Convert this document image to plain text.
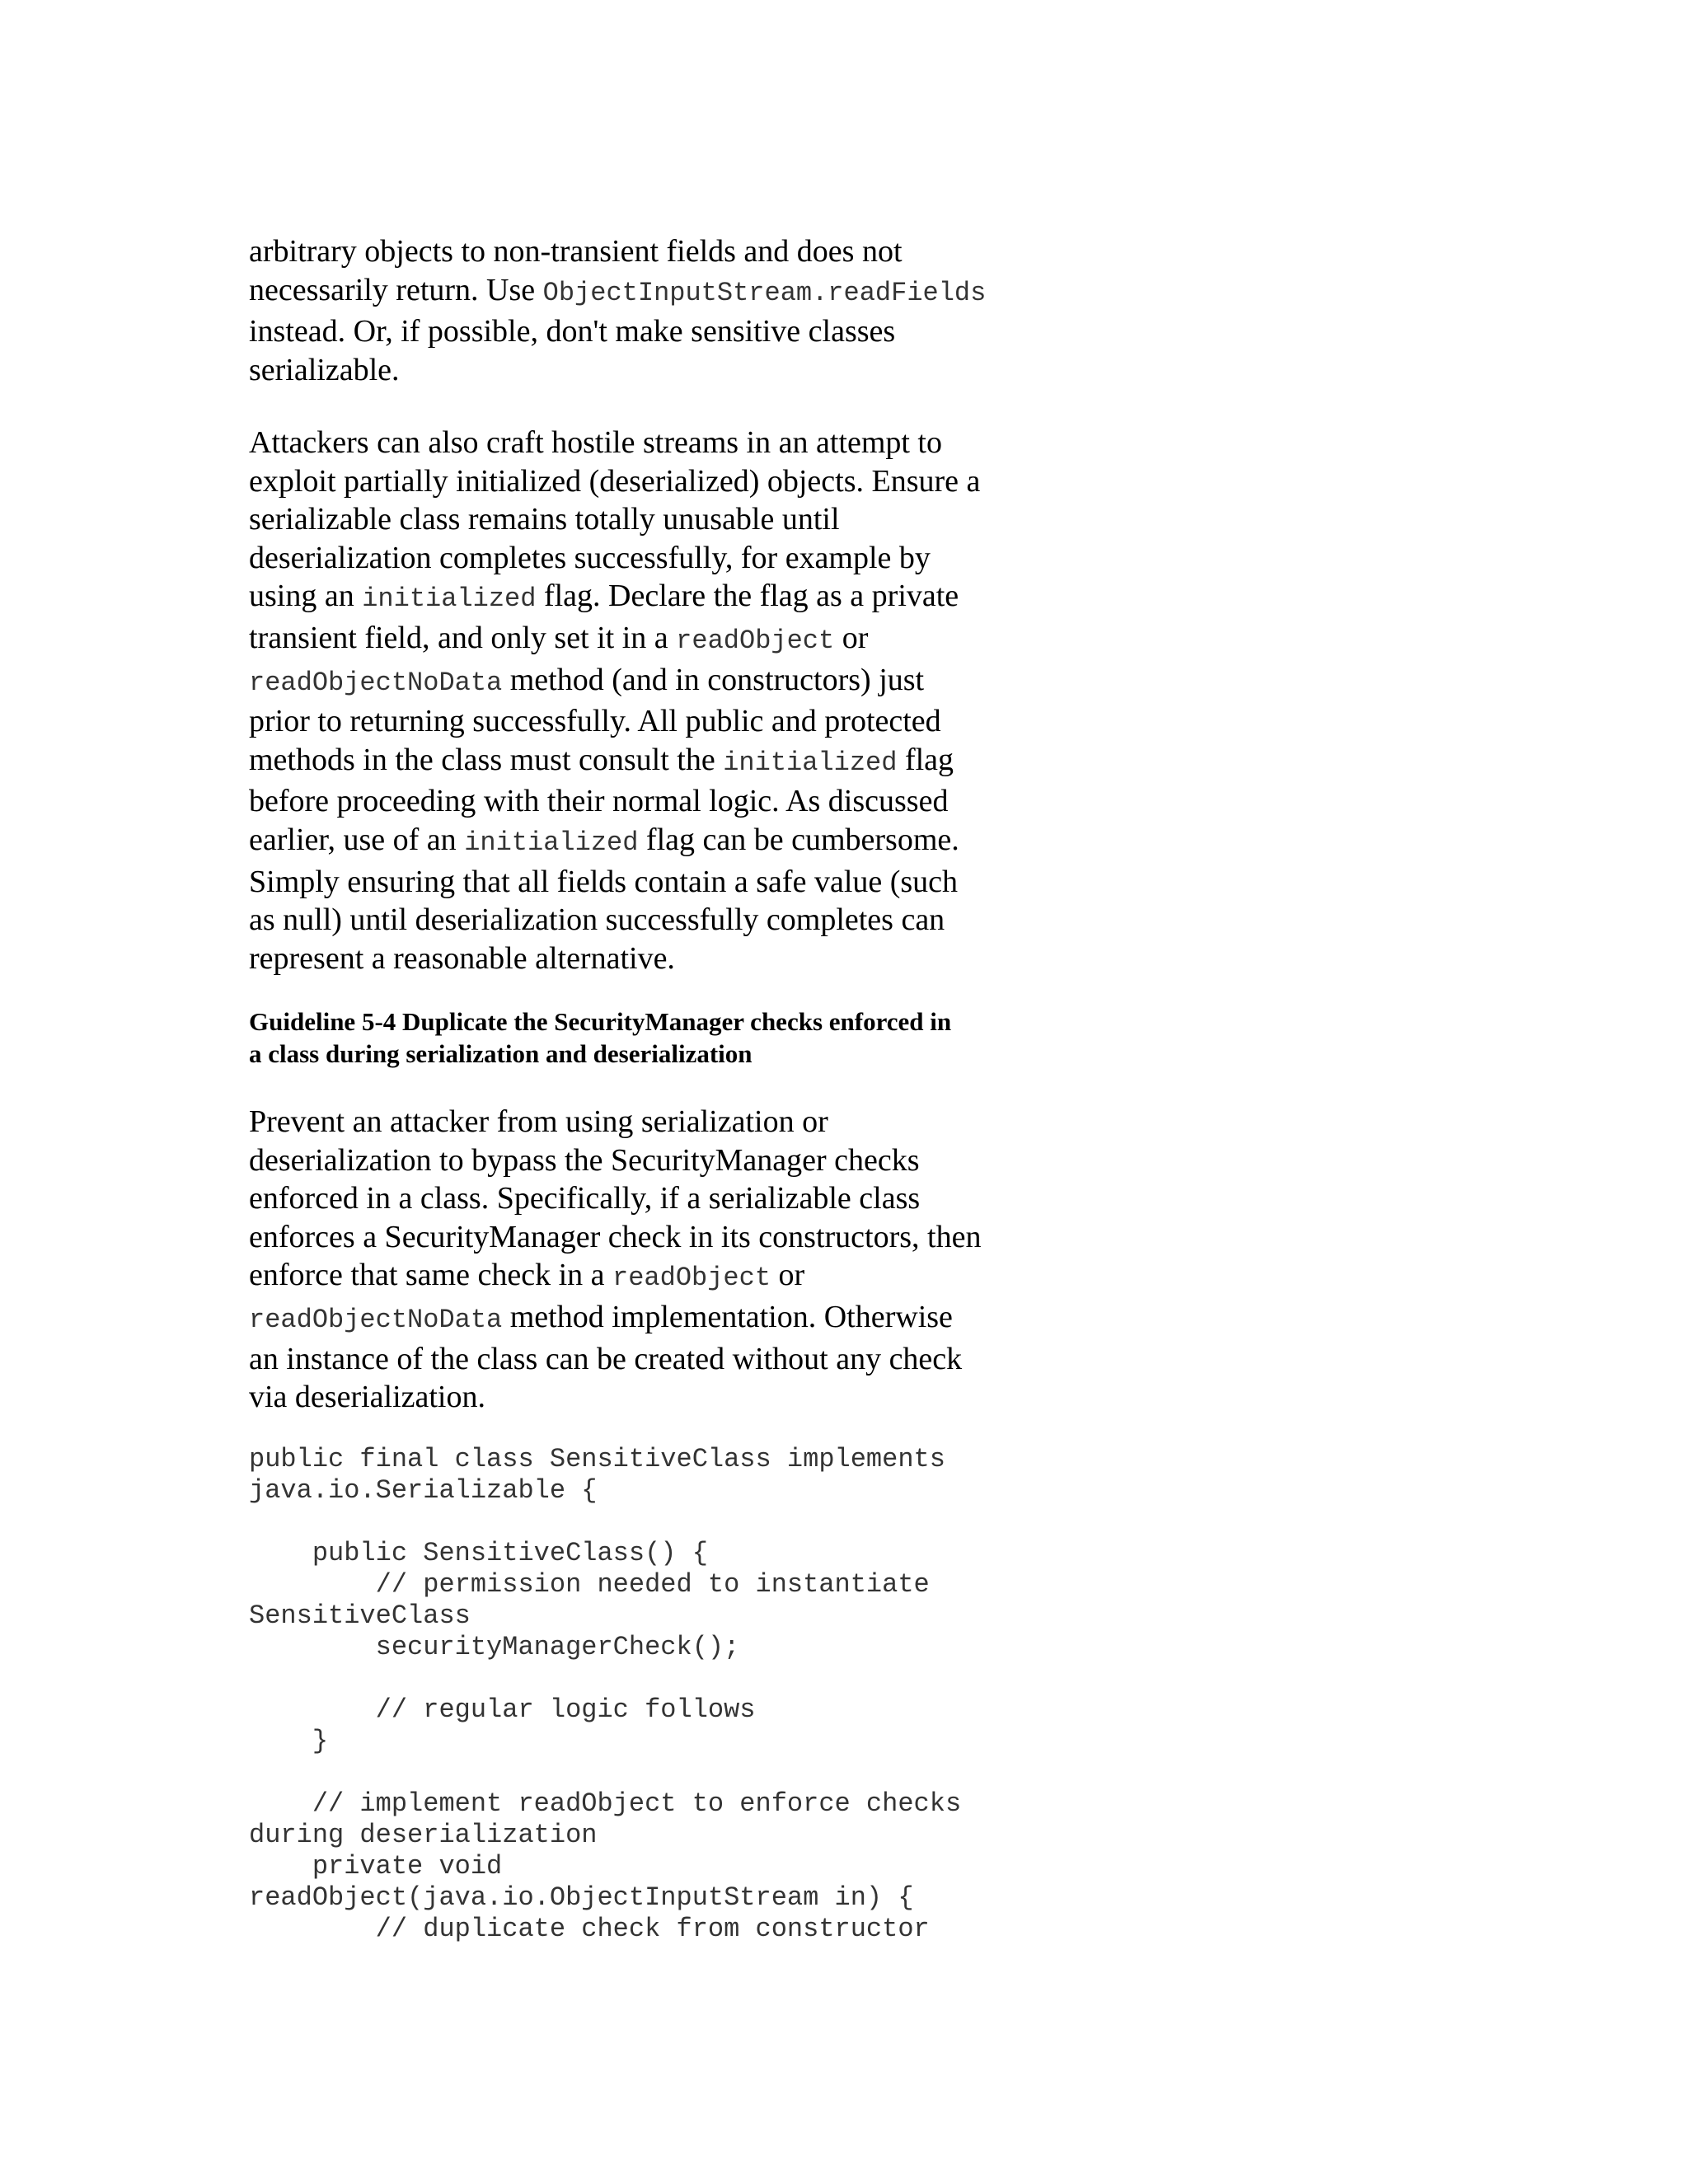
arbitrary objects to non-transient fields and does not
necessarily return. Use ObjectInputStream.readFields
instead. Or, if possible, don't make sensitive classes
serializable.
Attackers can also craft hostile streams in an attempt to
exploit partially initialized (deserialized) objects. Ensure a
serializable class remains totally unusable until
deserialization completes successfully, for example by
using an initialized flag. Declare the flag as a private
transient field, and only set it in a readObject or
readObjectNoData method (and in constructors) just
prior to returning successfully. All public and protected
methods in the class must consult the initialized flag
before proceeding with their normal logic. As discussed
earlier, use of an initialized flag can be cumbersome.
Simply ensuring that all fields contain a safe value (such
as null) until deserialization successfully completes can
represent a reasonable alternative.
Guideline 5-4 Duplicate the SecurityManager checks enforced in
a class during serialization and deserialization
Prevent an attacker from using serialization or
deserialization to bypass the SecurityManager checks
enforced in a class. Specifically, if a serializable class
enforces a SecurityManager check in its constructors, then
enforce that same check in a readObject or
readObjectNoData method implementation. Otherwise
an instance of the class can be created without any check
via deserialization.
public final class SensitiveClass implements
java.io.Serializable {

public SensitiveClass() {
// permission needed to instantiate
SensitiveClass
securityManagerCheck();

// regular logic follows
}

// implement readObject to enforce checks
during deserialization
private void
readObject(java.io.ObjectInputStream in) {
// duplicate check from constructor
